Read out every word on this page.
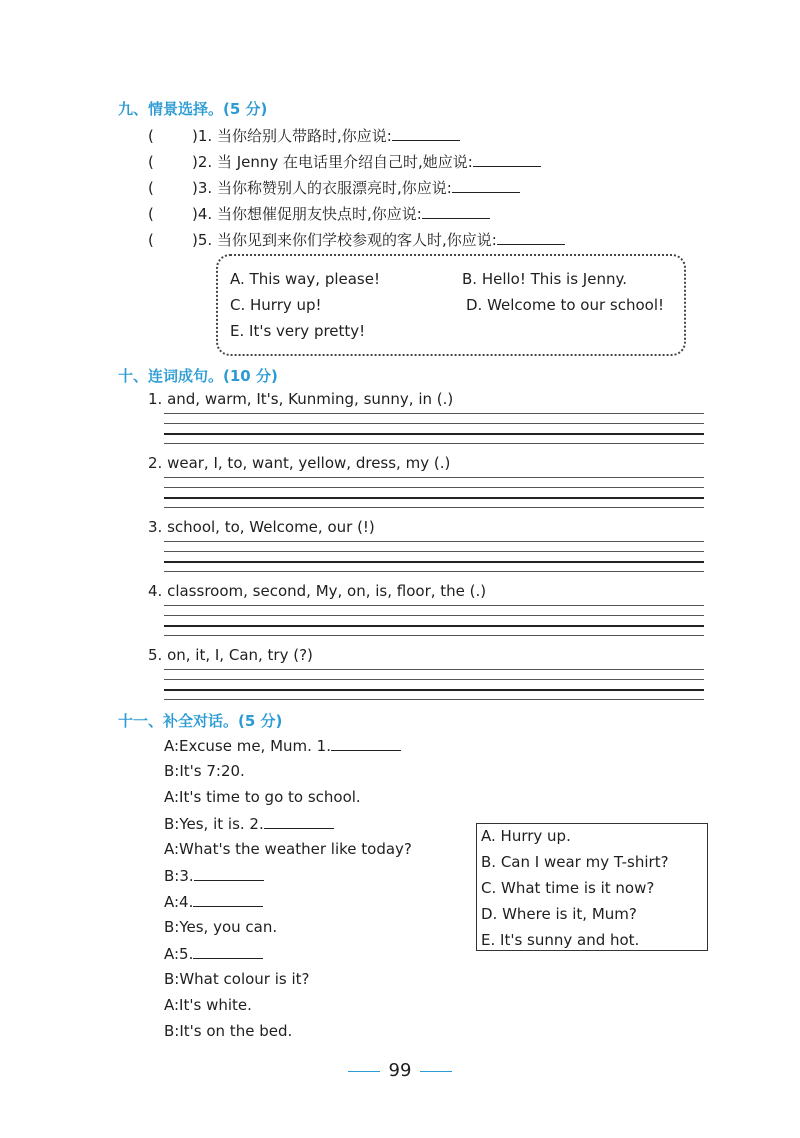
九、情景选择。(5 分)
(	)1. 当你给别人带路时,你应说:
(	)2. 当 Jenny 在电话里介绍自己时,她应说:
(	)3. 当你称赞别人的衣服漂亮时,你应说:
(	)4. 当你想催促朋友快点时,你应说:
(	)5. 当你见到来你们学校参观的客人时,你应说:
A. This way, please!	B. Hello! This is Jenny.
C. Hurry up!	D. Welcome to our school!
E. It's very pretty!
十、连词成句。(10 分)
1. and, warm, It's, Kunming, sunny, in (.)
2. wear, I, to, want, yellow, dress, my (.)
3. school, to, Welcome, our (!)
4. classroom, second, My, on, is, floor, the (.)
5. on, it, I, Can, try (?)
十一、补全对话。(5 分)
A:Excuse me, Mum. 1.
B:It's 7:20.
A:It's time to go to school.
B:Yes, it is. 2.
A:What's the weather like today?
B:3.
A:4.
B:Yes, you can.
A:5.
B:What colour is it?
A:It's white.
B:It's on the bed.
A. Hurry up.
B. Can I wear my T-shirt?
C. What time is it now?
D. Where is it, Mum?
E. It's sunny and hot.
99
